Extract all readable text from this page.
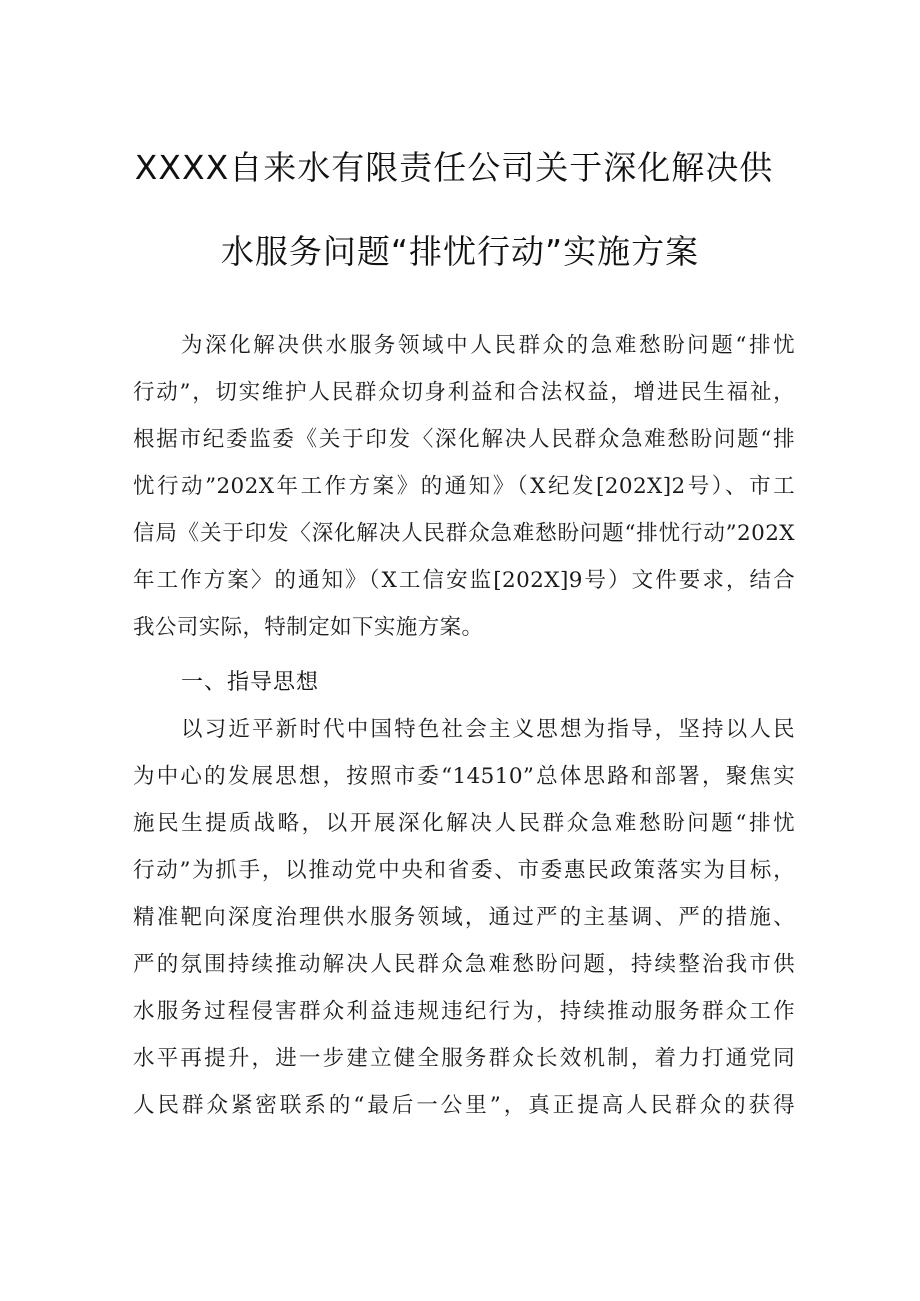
XXXX自来水有限责任公司关于深化解决供
水服务问题“排忧行动”实施方案
为深化解决供水服务领域中人民群众的急难愁盼问题“排忧
行动”，切实维护人民群众切身利益和合法权益，增进民生福祉，
根据市纪委监委《关于印发〈深化解决人民群众急难愁盼问题“排
忧行动”202X年工作方案》的通知》（X纪发[202X]2号）、市工
信局《关于印发〈深化解决人民群众急难愁盼问题“排忧行动”202X
年工作方案〉的通知》（X工信安监[202X]9号）文件要求，结合
我公司实际，特制定如下实施方案。
一、指导思想
以习近平新时代中国特色社会主义思想为指导，坚持以人民
为中心的发展思想，按照市委“14510”总体思路和部署，聚焦实
施民生提质战略，以开展深化解决人民群众急难愁盼问题“排忧
行动”为抓手，以推动党中央和省委、市委惠民政策落实为目标，
精准靶向深度治理供水服务领域，通过严的主基调、严的措施、
严的氛围持续推动解决人民群众急难愁盼问题，持续整治我市供
水服务过程侵害群众利益违规违纪行为，持续推动服务群众工作
水平再提升，进一步建立健全服务群众长效机制，着力打通党同
人民群众紧密联系的“最后一公里”，真正提高人民群众的获得
